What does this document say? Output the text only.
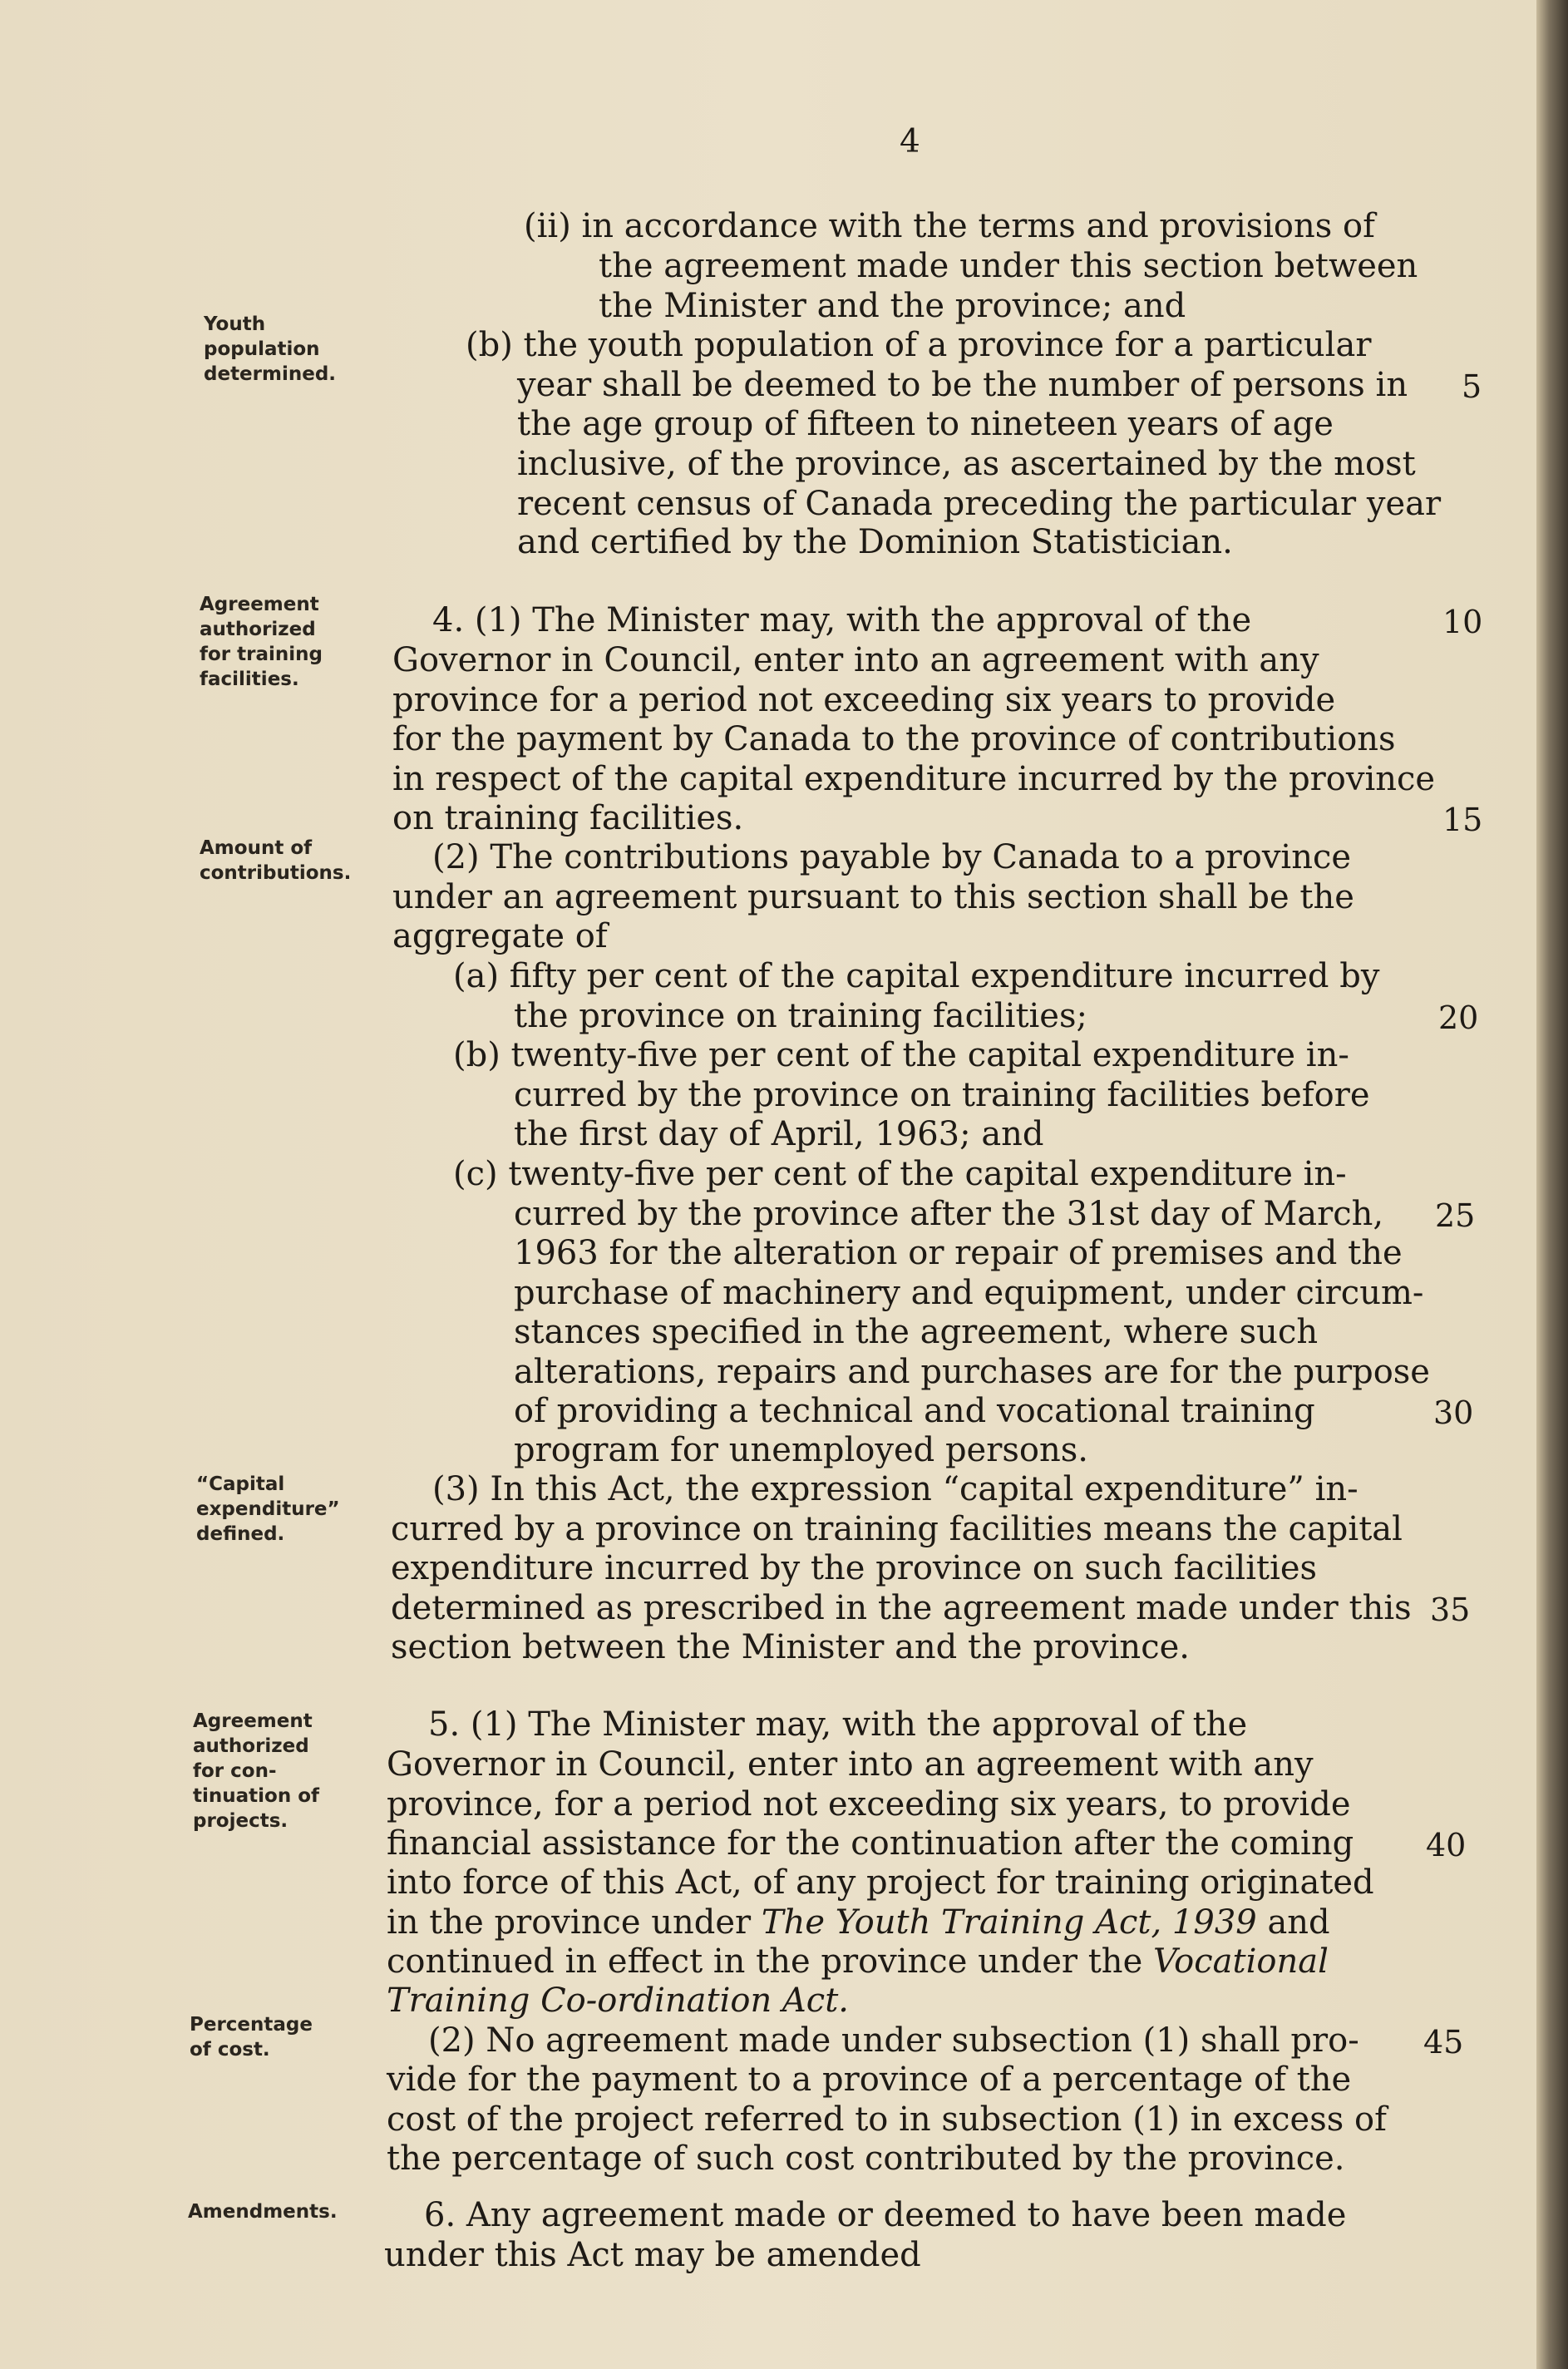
4
Youth
population
determined.
Agreement
authorized
for training
facilities.
Amount of
contributions.
“Capital
expenditure”
defined.
Agreement
authorized
for con-
tinuation of
projects.
Percentage
of cost.
Amendments.
(ii) in accordance with the terms and provisions of
the agreement made under this section between
the Minister and the province; and
(b) the youth population of a province for a particular
year shall be deemed to be the number of persons in
the age group of fifteen to nineteen years of age
inclusive, of the province, as ascertained by the most
recent census of Canada preceding the particular year
and certified by the Dominion Statistician.
4. (1) The Minister may, with the approval of the
Governor in Council, enter into an agreement with any
province for a period not exceeding six years to provide
for the payment by Canada to the province of contributions
in respect of the capital expenditure incurred by the province
on training facilities.
(2) The contributions payable by Canada to a province
under an agreement pursuant to this section shall be the
aggregate of
(a) fifty per cent of the capital expenditure incurred by
the province on training facilities;
(b) twenty-five per cent of the capital expenditure in-
curred by the province on training facilities before
the first day of April, 1963; and
(c) twenty-five per cent of the capital expenditure in-
curred by the province after the 31st day of March,
1963 for the alteration or repair of premises and the
purchase of machinery and equipment, under circum-
stances specified in the agreement, where such
alterations, repairs and purchases are for the purpose
of providing a technical and vocational training
program for unemployed persons.
(3) In this Act, the expression “capital expenditure” in-
curred by a province on training facilities means the capital
expenditure incurred by the province on such facilities
determined as prescribed in the agreement made under this
section between the Minister and the province.
5. (1) The Minister may, with the approval of the
Governor in Council, enter into an agreement with any
province, for a period not exceeding six years, to provide
financial assistance for the continuation after the coming
into force of this Act, of any project for training originated
in the province under The Youth Training Act, 1939 and
continued in effect in the province under the Vocational
Training Co-ordination Act.
(2) No agreement made under subsection (1) shall pro-
vide for the payment to a province of a percentage of the
cost of the project referred to in subsection (1) in excess of
the percentage of such cost contributed by the province.
6. Any agreement made or deemed to have been made
under this Act may be amended
5
10
15
20
25
30
35
40
45
